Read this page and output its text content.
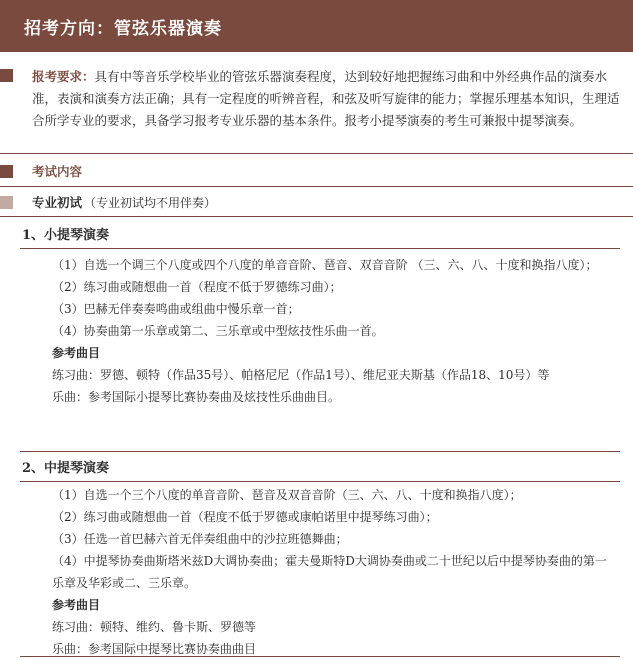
招考方向：管弦乐器演奏
报考要求：具有中等音乐学校毕业的管弦乐器演奏程度，达到较好地把握练习曲和中外经典作品的演奏水准，表演和演奏方法正确；具有一定程度的听辨音程，和弦及听写旋律的能力；掌握乐理基本知识，生理适合所学专业的要求，具备学习报考专业乐器的基本条件。报考小提琴演奏的考生可兼报中提琴演奏。
考试内容
专业初试 （专业初试均不用伴奏）
1、小提琴演奏

（1）自选一个调三个八度或四个八度的单音音阶、琶音、双音音阶 （三、六、八、十度和换指八度）；

（2）练习曲或随想曲一首（程度不低于罗德练习曲）；

（3）巴赫无伴奏奏鸣曲或组曲中慢乐章一首；

（4）协奏曲第一乐章或第二、三乐章或中型炫技性乐曲一首。

参考曲目

练习曲：罗德、顿特（作品35号）、帕格尼尼（作品1号）、维尼亚夫斯基（作品18、10号）等

乐曲：参考国际小提琴比赛协奏曲及炫技性乐曲曲目。

2、中提琴演奏

（1）自选一个三个八度的单音音阶、琶音及双音音阶（三、六、八、十度和换指八度）；

（2）练习曲或随想曲一首（程度不低于罗德或康帕诺里中提琴练习曲）；

（3）任选一首巴赫六首无伴奏组曲中的沙拉班德舞曲；

（4）中提琴协奏曲斯塔米兹D大调协奏曲；霍夫曼斯特D大调协奏曲或二十世纪以后中提琴协奏曲的第一乐章及华彩或二、三乐章。

参考曲目

练习曲：顿特、维约、鲁卡斯、罗德等

乐曲：参考国际中提琴比赛协奏曲曲目
